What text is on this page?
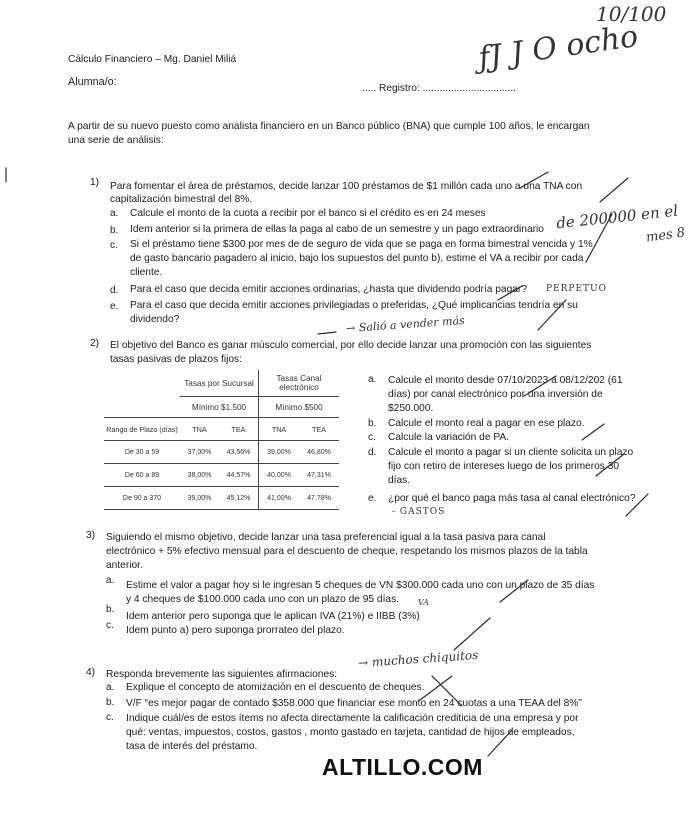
Cálculo Financiero – Mg. Daniel Miliá
Alumna/o:
..... Registro: .................................
10/100
ƒJ J O ocho
A partir de su nuevo puesto como analista financiero en un Banco público (BNA) que cumple 100 años, le encargan
una serie de análisis:
1) Para fomentar el área de préstamos, decide lanzar 100 préstamos de $1 millón cada uno a una TNA con
capitalización bimestral del 8%.
a. Calcule el monto de la cuota a recibir por el banco si el crédito es en 24 meses
b. Idem anterior si la primera de ellas la paga al cabo de un semestre y un pago extraordinario
c. Si el préstamo tiene $300 por mes de de seguro de vida que se paga en forma bimestral vencida y 1%
de gasto bancario pagadero al inicio, bajo los supuestos del punto b), estime el VA a recibir por cada
cliente.
d. Para el caso que decida emitir acciones ordinarias, ¿hasta que dividendo podría pagar?
e. Para el caso que decida emitir acciones privilegiadas o preferidas, ¿Qué implicancias tendría en su
dividendo?
de 200000 en el
mes 8
PERPETUO
→ Salió a vender más
2) El objetivo del Banco es ganar músculo comercial, por ello decide lanzar una promoción con las siguientes
tasas pasivas de plazos fijos:
	Tasas por Sucursal		Tasas Canal electrónico	
	Mínimo $1.500		Mínimo $500	
Rango de Plazo (días)	TNA	TEA	TNA	TEA
De 30 a 59	37,00%	43,56%	39,00%	46,80%
De 60 a 89	38,00%	44,57%	40,00%	47,31%
De 90 a 370	39,00%	45,12%	41,00%	47,78%
a. Calcule el monto desde 07/10/2023 a 08/12/202 (61
días) por canal electrónico por una inversión de
$250.000.
b. Calcule el monto real a pagar en ese plazo.
c. Calcule la variación de PA.
d. Calcule el monto a pagar si un cliente solicita un plazo
fijo con retiro de intereses luego de los primeros 30
días.
e. ¿por qué el banco paga más tasa al canal electrónico?
- GASTOS
3) Siguiendo el mismo objetivo, decide lanzar una tasa preferencial igual a la tasa pasiva para canal
electrónico + 5% efectivo mensual para el descuento de cheque, respetando los mismos plazos de la tabla
anterior.
a. Estime el valor a pagar hoy si le ingresan 5 cheques de VN $300.000 cada uno con un plazo de 35 días
y 4 cheques de $100.000 cada uno con un plazo de 95 días.
b.
Idem anterior pero suponga que le aplican IVA (21%) e IIBB (3%)
c. Idem punto a) pero suponga prorrateo del plazo.
VA
4) Responda brevemente las siguientes afirmaciones:
a. Explique el concepto de atomización en el descuento de cheques.
b. V/F “es mejor pagar de contado $358.000 que financiar ese monto en 24 cuotas a una TEAA del 8%”
c. Indique cuál/es de estos ítems no afecta directamente la calificación crediticia de una empresa y por
qué: ventas, impuestos, costos, gastos , monto gastado en tarjeta, cantidad de hijos de empleados,
tasa de interés del préstamo.
→ muchos chiquitos
ALTILLO.COM
